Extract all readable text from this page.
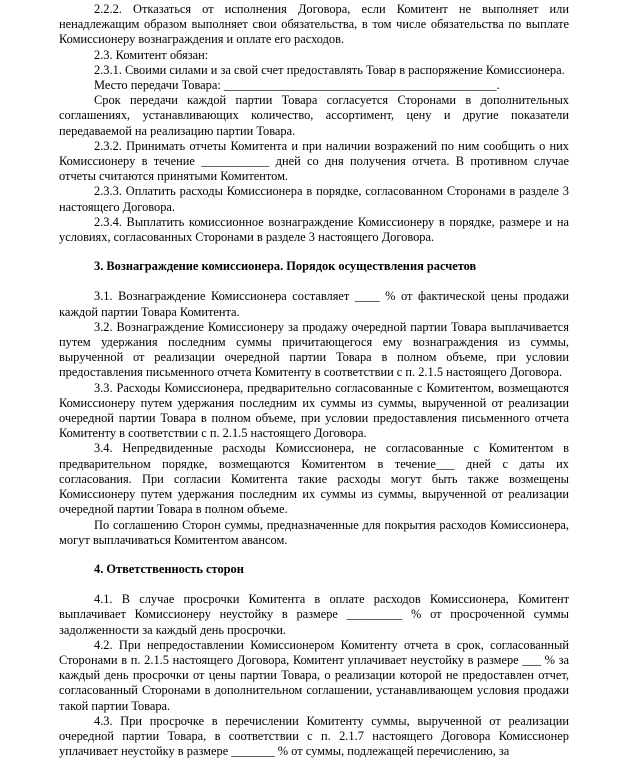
2.2.2. Отказаться от исполнения Договора, если Комитент не выполняет или ненадлежащим образом выполняет свои обязательства, в том числе обязательства по выплате Комиссионеру вознаграждения и оплате его расходов.

2.3. Комитент обязан:

2.3.1. Своими силами и за свой счет предоставлять Товар в распоряжение Комиссионера.

Место передачи Товара: ____________________________________________.

Срок передачи каждой партии Товара согласуется Сторонами в дополнительных соглашениях, устанавливающих количество, ассортимент, цену и другие показатели передаваемой на реализацию партии Товара.

2.3.2. Принимать отчеты Комитента и при наличии возражений по ним сообщить о них Комиссионеру в течение ___________ дней со дня получения отчета. В противном случае отчеты считаются принятыми Комитентом.

2.3.3. Оплатить расходы Комиссионера в порядке, согласованном Сторонами в разделе 3 настоящего Договора.

2.3.4. Выплатить комиссионное вознаграждение Комиссионеру в порядке, размере и на условиях, согласованных Сторонами в разделе 3 настоящего Договора.

3. Вознаграждение комиссионера. Порядок осуществления расчетов

3.1. Вознаграждение Комиссионера составляет ____ % от фактической цены продажи каждой партии Товара Комитента.

3.2. Вознаграждение Комиссионеру за продажу очередной партии Товара выплачивается путем удержания последним суммы причитающегося ему вознаграждения из суммы, вырученной от реализации очередной партии Товара в полном объеме, при условии предоставления письменного отчета Комитенту в соответствии с п. 2.1.5 настоящего Договора.

3.3. Расходы Комиссионера, предварительно согласованные с Комитентом, возмещаются Комиссионеру путем удержания последним их суммы из суммы, вырученной от реализации очередной партии Товара в полном объеме, при условии предоставления письменного отчета Комитенту в соответствии с п. 2.1.5 настоящего Договора.

3.4. Непредвиденные расходы Комиссионера, не согласованные с Комитентом в предварительном порядке, возмещаются Комитентом в течение___ дней с даты их согласования. При согласии Комитента такие расходы могут быть также возмещены Комиссионеру путем удержания последним их суммы из суммы, вырученной от реализации очередной партии Товара в полном объеме.

По соглашению Сторон суммы, предназначенные для покрытия расходов Комиссионера, могут выплачиваться Комитентом авансом.

4. Ответственность сторон

4.1. В случае просрочки Комитента в оплате расходов Комиссионера, Комитент выплачивает Комиссионеру неустойку в размере _________ % от просроченной суммы задолженности за каждый день просрочки.

4.2. При непредоставлении Комиссионером Комитенту отчета в срок, согласованный Сторонами в п. 2.1.5 настоящего Договора, Комитент уплачивает неустойку в размере ___ % за каждый день просрочки от цены партии Товара, о реализации которой не предоставлен отчет, согласованный Сторонами в дополнительном соглашении, устанавливающем условия продажи такой партии Товара.

4.3. При просрочке в перечислении Комитенту суммы, вырученной от реализации очередной партии Товара, в соответствии с п. 2.1.7 настоящего Договора Комиссионер уплачивает неустойку в размере _______ % от суммы, подлежащей перечислению, за
